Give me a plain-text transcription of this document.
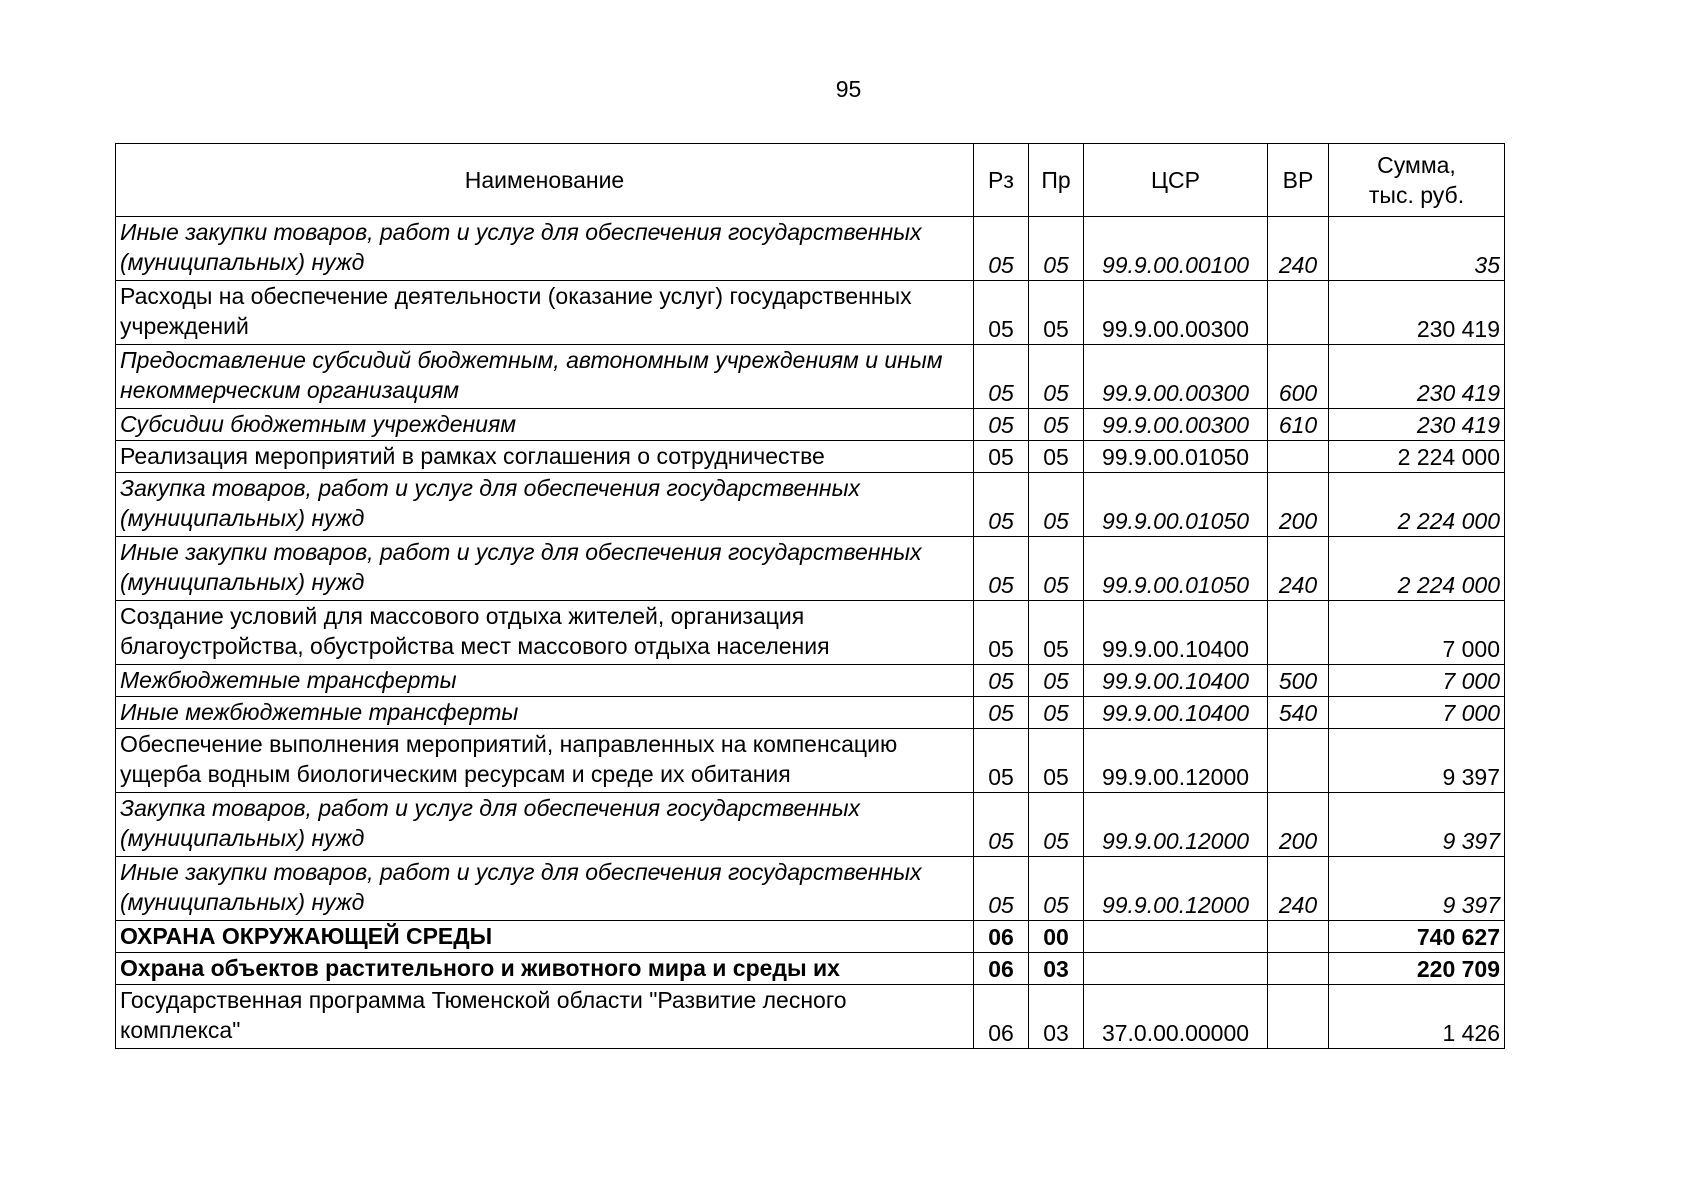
95
Наименование	Рз	Пр	ЦСР	ВР	Сумма,
тыс. руб.
Иные закупки товаров, работ и услуг для обеспечения государственных (муниципальных) нужд	05	05	99.9.00.00100	240	35
Расходы на обеспечение деятельности (оказание услуг) государственных учреждений	05	05	99.9.00.00300		230 419
Предоставление субсидий бюджетным, автономным учреждениям и иным некоммерческим организациям	05	05	99.9.00.00300	600	230 419
Субсидии бюджетным учреждениям	05	05	99.9.00.00300	610	230 419
Реализация мероприятий в рамках соглашения о сотрудничестве	05	05	99.9.00.01050		2 224 000
Закупка товаров, работ и услуг для обеспечения государственных (муниципальных) нужд	05	05	99.9.00.01050	200	2 224 000
Иные закупки товаров, работ и услуг для обеспечения государственных (муниципальных) нужд	05	05	99.9.00.01050	240	2 224 000
Создание условий для массового отдыха жителей, организация благоустройства, обустройства мест массового отдыха населения	05	05	99.9.00.10400		7 000
Межбюджетные трансферты	05	05	99.9.00.10400	500	7 000
Иные межбюджетные трансферты	05	05	99.9.00.10400	540	7 000
Обеспечение выполнения мероприятий, направленных на компенсацию ущерба водным биологическим ресурсам и среде их обитания	05	05	99.9.00.12000		9 397
Закупка товаров, работ и услуг для обеспечения государственных (муниципальных) нужд	05	05	99.9.00.12000	200	9 397
Иные закупки товаров, работ и услуг для обеспечения государственных (муниципальных) нужд	05	05	99.9.00.12000	240	9 397
ОХРАНА ОКРУЖАЮЩЕЙ СРЕДЫ	06	00			740 627
Охрана объектов растительного и животного мира и среды их	06	03			220 709
Государственная программа Тюменской области "Развитие лесного комплекса"	06	03	37.0.00.00000		1 426
